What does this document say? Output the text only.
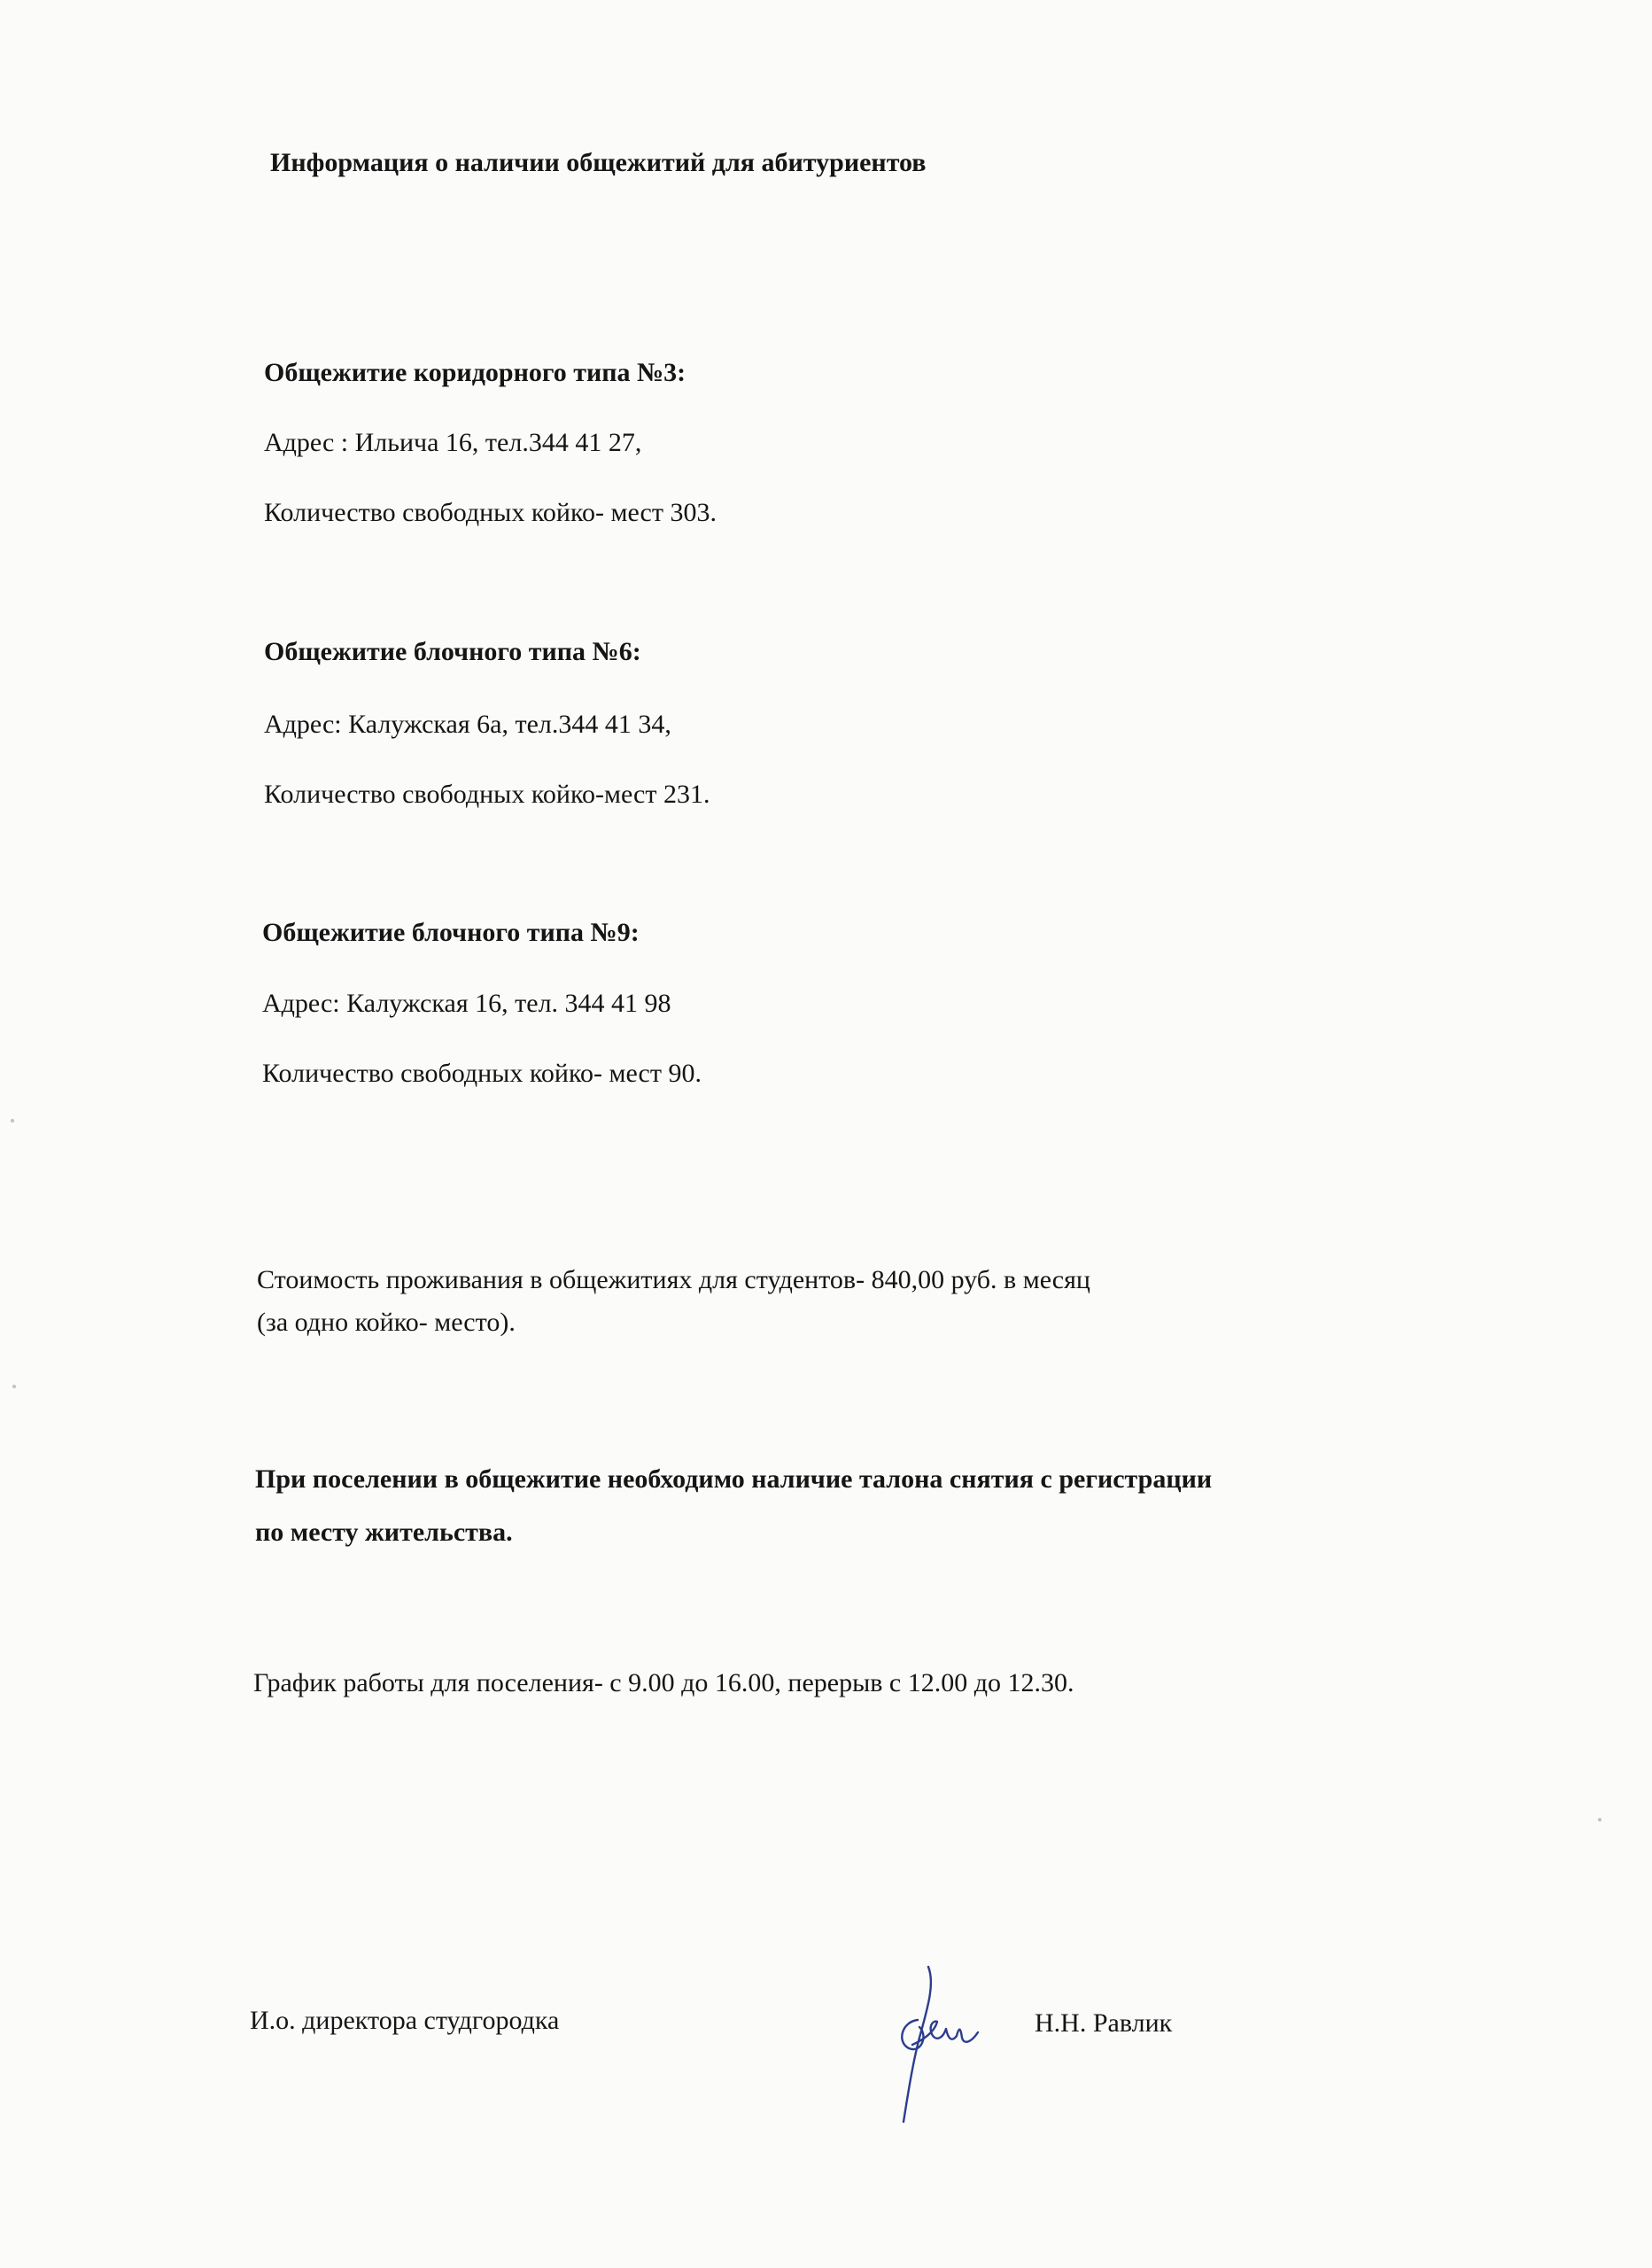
Информация о наличии общежитий для абитуриентов
Общежитие коридорного типа №3:
Адрес : Ильича 16, тел.344 41 27,
Количество свободных койко- мест 303.
Общежитие блочного типа №6:
Адрес: Калужская 6а, тел.344 41 34,
Количество свободных койко-мест 231.
Общежитие блочного типа №9:
Адрес: Калужская 16, тел. 344 41 98
Количество свободных койко- мест 90.
Стоимость проживания в общежитиях для студентов- 840,00 руб. в месяц
(за одно койко- место).
При поселении в общежитие необходимо наличие талона снятия с регистрации
по месту жительства.
График работы для поселения- с 9.00 до 16.00, перерыв с 12.00 до 12.30.
И.о. директора студгородка	Н.Н. Равлик
